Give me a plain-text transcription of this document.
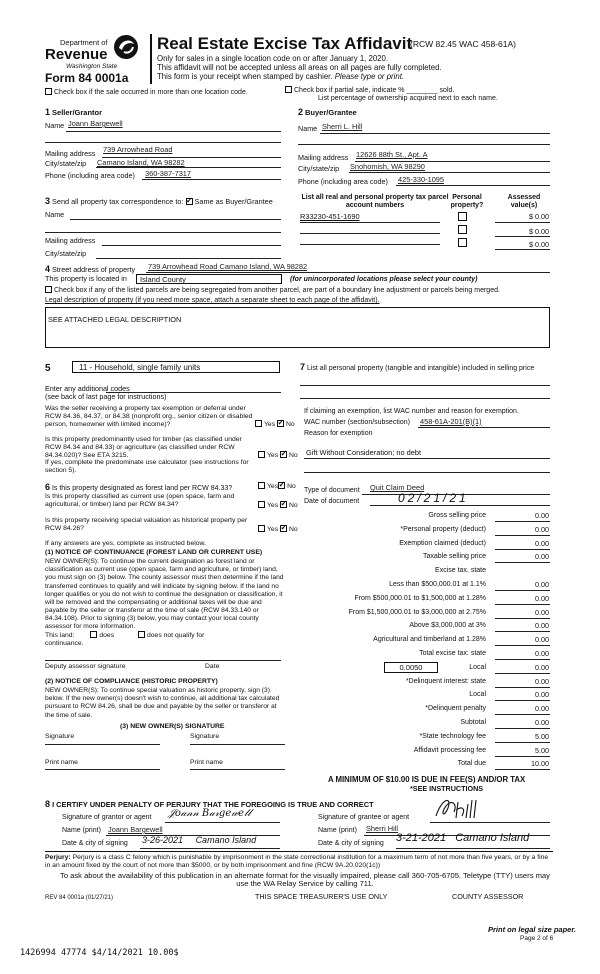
Department of
Revenue
Washington State
Form 84 0001a
Real Estate Excise Tax Affidavit
(RCW 82.45 WAC 458-61A)
Only for sales in a single location code on or after January 1, 2020.
This affidavit will not be accepted unless all areas on all pages are fully completed.
This form is your receipt when stamped by cashier. Please type or print.
Check box if the sale occurred in more than one location code.	Check box if partial sale, indicate % ________ sold.
List percentage of ownership acquired next to each name.
1 Seller/Grantor
Name Joann Bargewell
Mailing address 739 Arrowhead Road
City/state/zip Camano Island, WA 98282
Phone (including area code) 360-387-7317
2 Buyer/Grantee
Name Sherri L. Hill
Mailing address 12626 88th St., Apt. A
City/state/zip Snohomish, WA 98290
Phone (including area code) 425-330-1095
3 Send all property tax correspondence to: ✓ Same as Buyer/Grantee
Name
Mailing address
City/state/zip
List all real and personal property tax parcel account numbers
Personal property?
Assessed value(s)
R33230-451-1690	$ 0.00
$ 0.00
$ 0.00
4 Street address of property 739 Arrowhead Road Camano Island, WA 98282
This property is located in	Island County	(for unincorporated locations please select your county)
Check box if any of the listed parcels are being segregated from another parcel, are part of a boundary line adjustment or parcels being merged.
Legal description of property (if you need more space, attach a separate sheet to each page of the affidavit).
SEE ATTACHED LEGAL DESCRIPTION
5	11 - Household, single family units
Enter any additional codes
(see back of last page for instructions)
Was the seller receiving a property tax exemption or deferral under RCW 84.36, 84.37, or 84.38 (nonprofit org., senior citizen or disabled person, homeowner with limited income)?	Yes ✓ No
Is this property predominantly used for timber (as classified under RCW 84.34 and 84.33) or agriculture (as classified under RCW 84.34.020)? See ETA 3215.	Yes ✓ No
If yes, complete the predominate use calculator (see instructions for section 5).
6 Is this property designated as forest land per RCW 84.33?	Yes ✓ No
Is this property classified as current use (open space, farm and agricultural, or timber) land per RCW 84.34?	Yes ✓ No
Is this property receiving special valuation as historical property per RCW 84.26?	Yes ✓ No
If any answers are yes, complete as instructed below.
(1) NOTICE OF CONTINUANCE (FOREST LAND OR CURRENT USE)
NEW OWNER(S): To continue the current designation as forest land or classification as current use (open space, farm and agriculture, or timber) land, you must sign on (3) below. The county assessor must then determine if the land transferred continues to qualify and will indicate by signing below. If the land no longer qualifies or you do not wish to continue the designation or classification, it will be removed and the compensating or additional taxes will be due and payable by the seller or transferor at the time of sale (RCW 84.33.140 or 84.34.108). Prior to signing (3) below, you may contact your local county assessor for more information.
This land:	does	does not qualify for
continuance.
Deputy assessor signature	Date
(2) NOTICE OF COMPLIANCE (HISTORIC PROPERTY)
NEW OWNER(S): To continue special valuation as historic property, sign (3) below. If the new owner(s) doesn't wish to continue, all additional tax calculated pursuant to RCW 84.26, shall be due and payable by the seller or transferor at the time of sale.
(3) NEW OWNER(S) SIGNATURE
Signature	Signature
Print name	Print name
7 List all personal property (tangible and intangible) included in selling price
If claiming an exemption, list WAC number and reason for exemption.
WAC number (section/subsection) 458-61A-201(B)(1)
Reason for exemption
Gift Without Consideration; no debt
Type of document Quit Claim Deed
Date of document	02/21/21
Gross selling price	0.00
*Personal property (deduct)	0.00
Exemption claimed (deduct)	0.00
Taxable selling price	0.00
Excise tax. state
Less than $500,000.01 at 1.1%	0.00
From $500,000.01 to $1,500,000 at 1.28%	0.00
From $1,500,000.01 to $3,000,000 at 2.75%	0.00
Above $3,000,000 at 3%	0.00
Agricultural and timberland at 1.28%	0.00
Total excise tax: state	0.00
Local	0.00
*Delinquent interest: state	0.00
Local	0.00
*Delinquent penalty	0.00
Subtotal	0.00
*State technology fee	5.00
Affidavit processing fee	5.00
Total due	10.00
0.0050
A MINIMUM OF $10.00 IS DUE IN FEE(S) AND/OR TAX
*SEE INSTRUCTIONS
8 I CERTIFY UNDER PENALTY OF PERJURY THAT THE FOREGOING IS TRUE AND CORRECT
Signature of grantor or agent 𝒥𝑜𝒶𝓃𝓃 𝐵𝒶𝓇𝑔𝑒𝓌𝑒𝓁𝓁
Name (print) Joann Bargewell
Date & city of signing 3-26-2021 Camano Island
Signature of grantee or agent
Name (print) Sherri Hill
Date & city of signing 3-21-2021 Camano Island
Perjury: Perjury is a class C felony which is punishable by imprisonment in the state correctional institution for a maximum term of not more than five years, or by a fine in an amount fixed by the court of not more than $5000, or by both imprisonment and fine (RCW 9A.20.020(1c))
To ask about the availability of this publication in an alternate format for the visually impaired, please call 360-705-6705. Teletype (TTY) users may use the WA Relay Service by calling 711.
REV 84 0001a (01/27/21)	THIS SPACE TREASURER'S USE ONLY	COUNTY ASSESSOR
Print on legal size paper.
Page 2 of 6
1426994 47774 $4/14/2021 10.00$
